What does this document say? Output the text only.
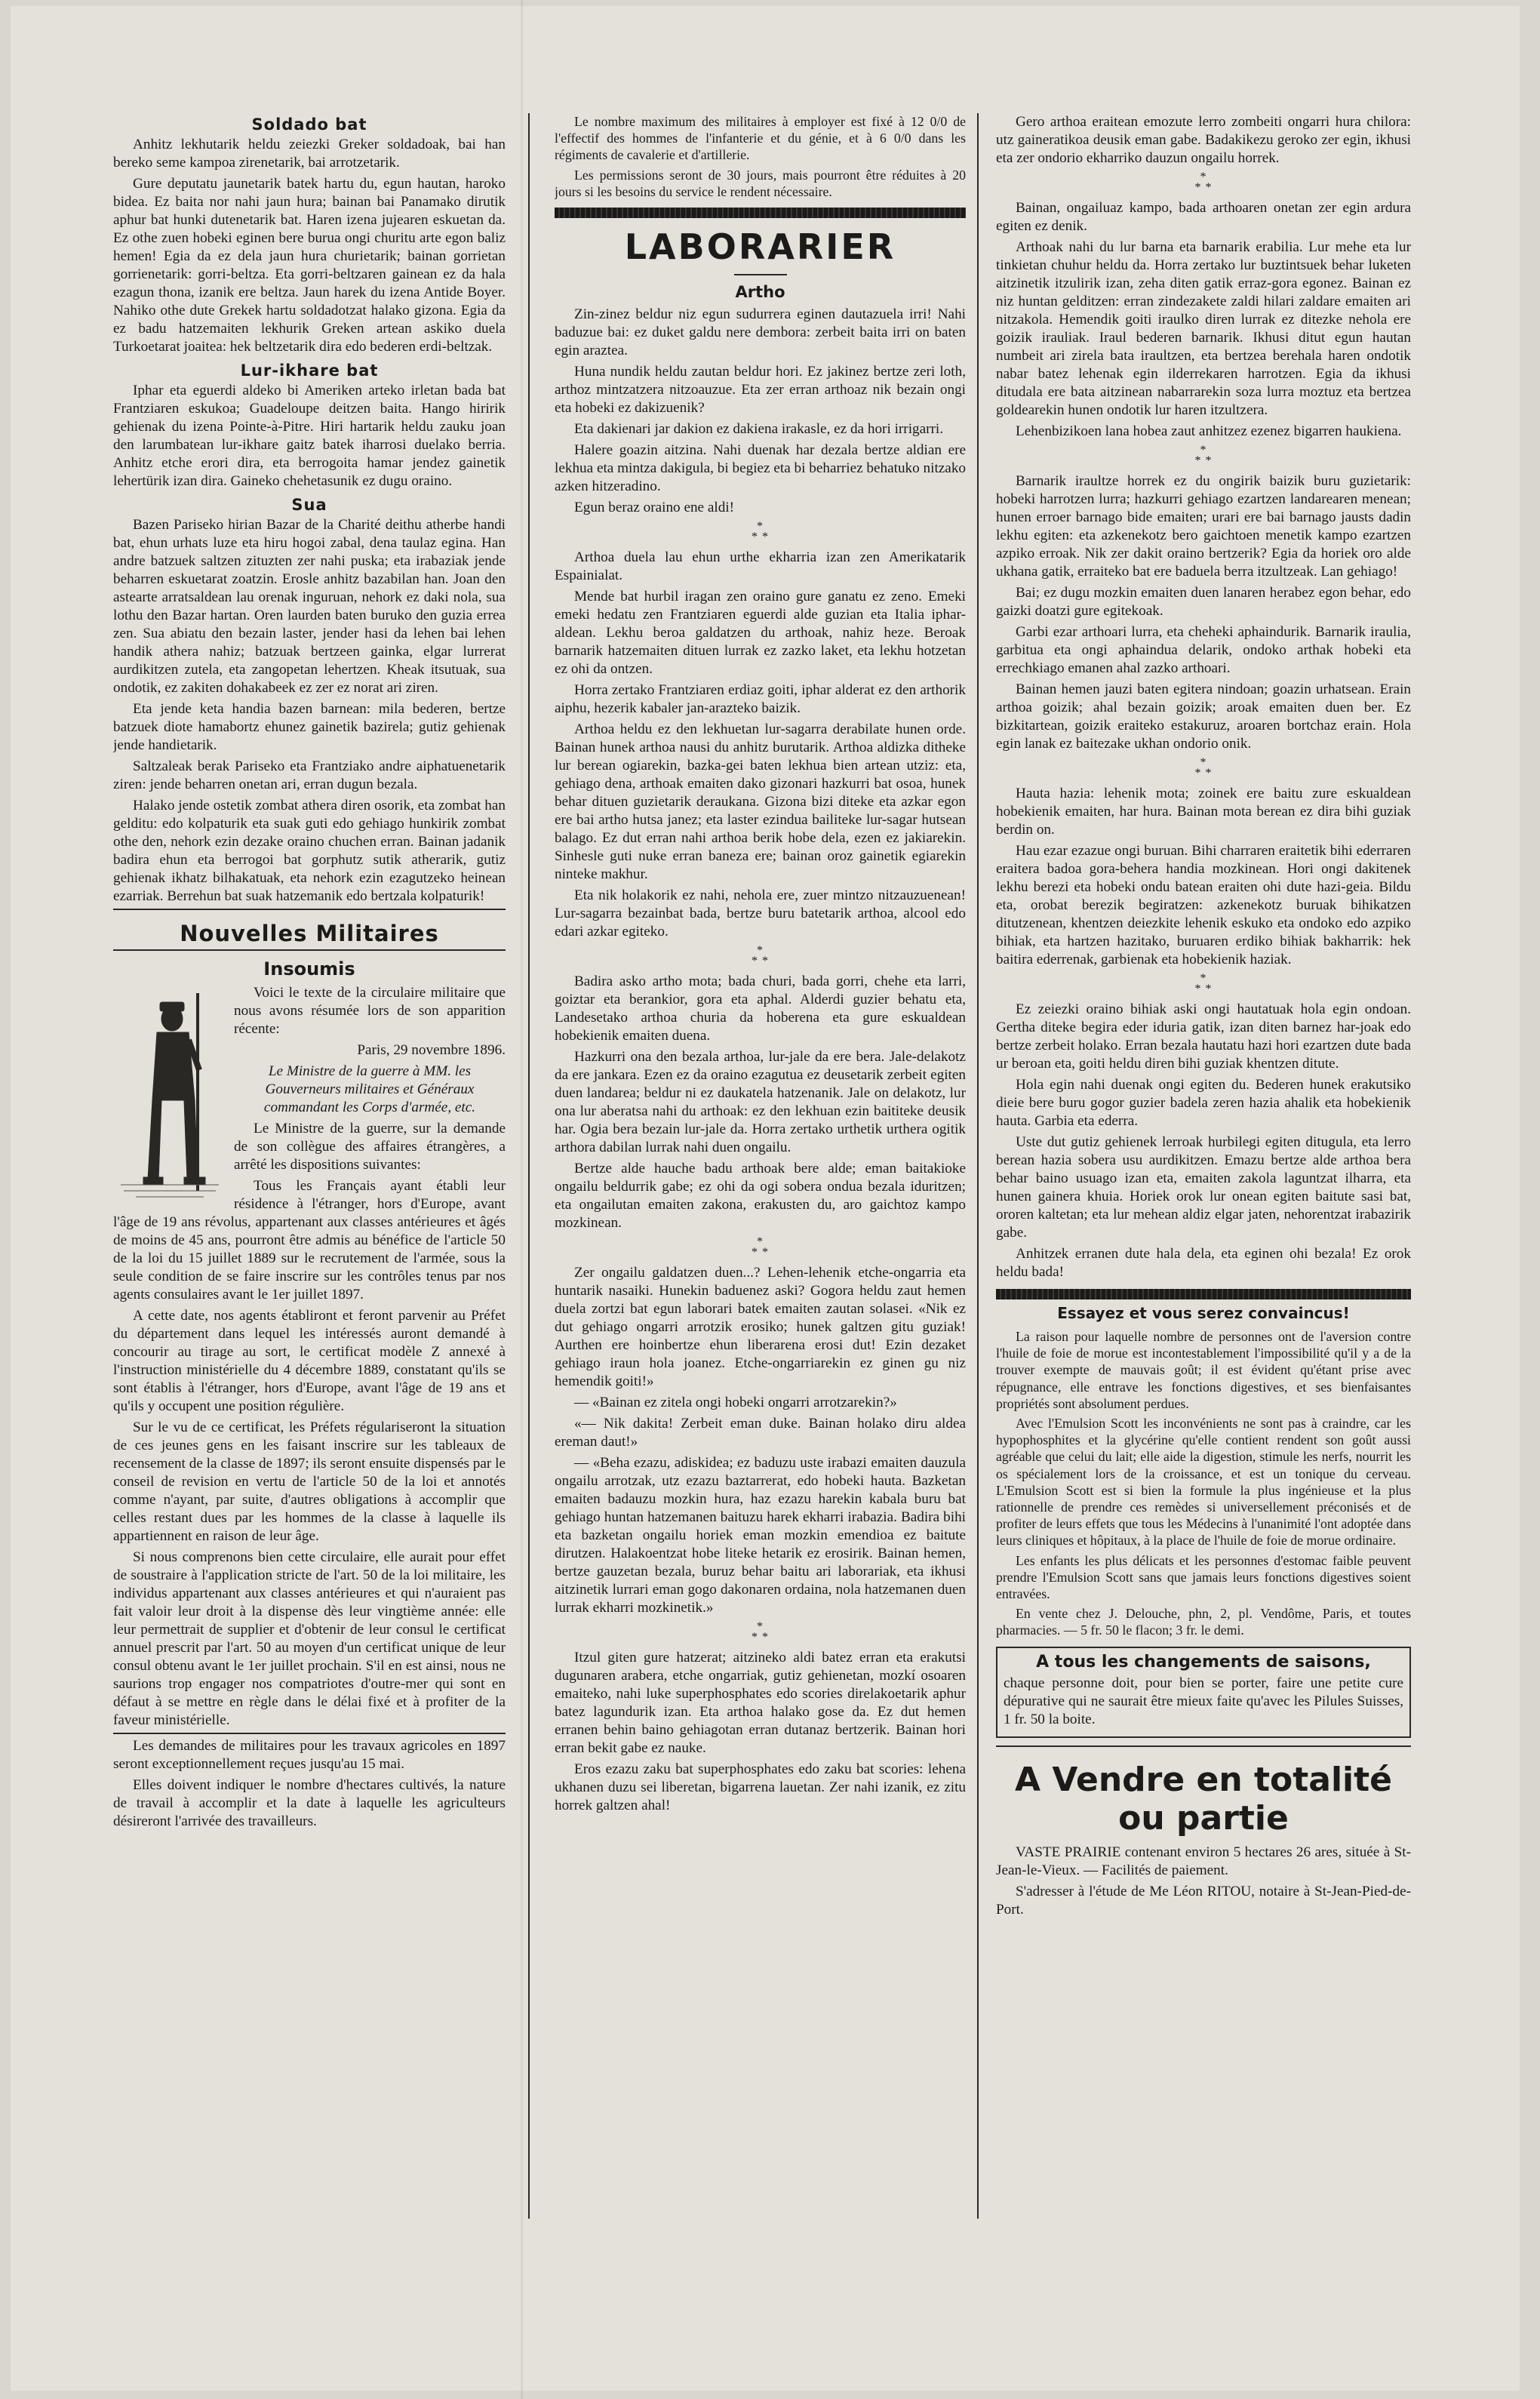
Soldado bat

Anhitz lekhutarik heldu zeiezki Greker soldadoak, bai han bereko seme kampoa zirenetarik, bai arrotzetarik.

Gure deputatu jaunetarik batek hartu du, egun hautan, haroko bidea. Ez baita nor nahi jaun hura; bainan bai Panamako dirutik aphur bat hunki dutenetarik bat. Haren izena jujearen eskuetan da. Ez othe zuen hobeki eginen bere burua ongi churitu arte egon baliz hemen! Egia da ez dela jaun hura churietarik; bainan gorrietan gorrienetarik: gorri-beltza. Eta gorri-beltzaren gainean ez da hala ezagun thona, izanik ere beltza. Jaun harek du izena Antide Boyer. Nahiko othe dute Grekek hartu soldadotzat halako gizona. Egia da ez badu hatzemaiten lekhurik Greken artean askiko duela Turkoetarat joaitea: hek beltzetarik dira edo bederen erdi-beltzak.

Lur-ikhare bat

Iphar eta eguerdi aldeko bi Ameriken arteko irletan bada bat Frantziaren eskukoa; Guadeloupe deitzen baita. Hango hiririk gehienak du izena Pointe-à-Pitre. Hiri hartarik heldu zauku joan den larumbatean lur-ikhare gaitz batek iharrosi duelako berria. Anhitz etche erori dira, eta berrogoita hamar jendez gainetik lehertürik izan dira. Gaineko chehetasunik ez dugu oraino.

Sua

Bazen Pariseko hirian Bazar de la Charité deithu atherbe handi bat, ehun urhats luze eta hiru hogoi zabal, dena taulaz egina. Han andre batzuek saltzen zituzten zer nahi puska; eta irabaziak jende beharren eskuetarat zoatzin. Erosle anhitz bazabilan han. Joan den astearte arratsaldean lau orenak inguruan, nehork ez daki nola, sua lothu den Bazar hartan. Oren laurden baten buruko den guzia errea zen. Sua abiatu den bezain laster, jender hasi da lehen bai lehen handik athera nahiz; batzuak bertzeen gainka, elgar lurrerat aurdikitzen zutela, eta zangopetan lehertzen. Kheak itsutuak, sua ondotik, ez zakiten dohakabeek ez zer ez norat ari ziren.

Eta jende keta handia bazen barnean: mila bederen, bertze batzuek diote hamabortz ehunez gainetik bazirela; gutiz gehienak jende handietarik.

Saltzaleak berak Pariseko eta Frantziako andre aiphatuenetarik ziren: jende beharren onetan ari, erran dugun bezala.

Halako jende ostetik zombat athera diren osorik, eta zombat han gelditu: edo kolpaturik eta suak guti edo gehiago hunkirik zombat othe den, nehork ezin dezake oraino chuchen erran. Bainan jadanik badira ehun eta berrogoi bat gorphutz sutik atherarik, gutiz gehienak ikhatz bilhakatuak, eta nehork ezin ezagutzeko heinean ezarriak. Berrehun bat suak hatzemanik edo bertzala kolpaturik!

Nouvelles Militaires
Insoumis

Voici le texte de la circulaire militaire que nous avons résumée lors de son apparition récente:

Paris, 29 novembre 1896.

Le Ministre de la guerre à MM. les Gouverneurs militaires et Généraux commandant les Corps d'armée, etc.

Le Ministre de la guerre, sur la demande de son collègue des affaires étrangères, a arrêté les dispositions suivantes:

Tous les Français ayant établi leur résidence à l'étranger, hors d'Europe, avant l'âge de 19 ans révolus, appartenant aux classes antérieures et âgés de moins de 45 ans, pourront être admis au bénéfice de l'article 50 de la loi du 15 juillet 1889 sur le recrutement de l'armée, sous la seule condition de se faire inscrire sur les contrôles tenus par nos agents consulaires avant le 1er juillet 1897.

A cette date, nos agents établiront et feront parvenir au Préfet du département dans lequel les intéressés auront demandé à concourir au tirage au sort, le certificat modèle Z annexé à l'instruction ministérielle du 4 décembre 1889, constatant qu'ils se sont établis à l'étranger, hors d'Europe, avant l'âge de 19 ans et qu'ils y occupent une position régulière.

Sur le vu de ce certificat, les Préfets régulariseront la situation de ces jeunes gens en les faisant inscrire sur les tableaux de recensement de la classe de 1897; ils seront ensuite dispensés par le conseil de revision en vertu de l'article 50 de la loi et annotés comme n'ayant, par suite, d'autres obligations à accomplir que celles restant dues par les hommes de la classe à laquelle ils appartiennent en raison de leur âge.

Si nous comprenons bien cette circulaire, elle aurait pour effet de soustraire à l'application stricte de l'art. 50 de la loi militaire, les individus appartenant aux classes antérieures et qui n'auraient pas fait valoir leur droit à la dispense dès leur vingtième année: elle leur permettrait de supplier et d'obtenir de leur consul le certificat annuel prescrit par l'art. 50 au moyen d'un certificat unique de leur consul obtenu avant le 1er juillet prochain. S'il en est ainsi, nous ne saurions trop engager nos compatriotes d'outre-mer qui sont en défaut à se mettre en règle dans le délai fixé et à profiter de la faveur ministérielle.

Les demandes de militaires pour les travaux agricoles en 1897 seront exceptionnellement reçues jusqu'au 15 mai.

Elles doivent indiquer le nombre d'hectares cultivés, la nature de travail à accomplir et la date à laquelle les agriculteurs désireront l'arrivée des travailleurs.

Le nombre maximum des militaires à employer est fixé à 12 0/0 de l'effectif des hommes de l'infanterie et du génie, et à 6 0/0 dans les régiments de cavalerie et d'artillerie.

Les permissions seront de 30 jours, mais pourront être réduites à 20 jours si les besoins du service le rendent nécessaire.

LABORARIER
Artho

Zin-zinez beldur niz egun sudurrera eginen dautazuela irri! Nahi baduzue bai: ez duket galdu nere dembora: zerbeit baita irri on baten egin araztea.

Huna nundik heldu zautan beldur hori. Ez jakinez bertze zeri loth, arthoz mintzatzera nitzoauzue. Eta zer erran arthoaz nik bezain ongi eta hobeki ez dakizuenik?

Eta dakienari jar dakion ez dakiena irakasle, ez da hori irrigarri.

Halere goazin aitzina. Nahi duenak har dezala bertze aldian ere lekhua eta mintza dakigula, bi begiez eta bi beharriez behatuko nitzako azken hitzeradino.

Egun beraz oraino ene aldi!

*
* *

Arthoa duela lau ehun urthe ekharria izan zen Amerikatarik Espainialat.

Mende bat hurbil iragan zen oraino gure ganatu ez zeno. Emeki emeki hedatu zen Frantziaren eguerdi alde guzian eta Italia iphar-aldean. Lekhu beroa galdatzen du arthoak, nahiz heze. Beroak barnarik hatzemaiten dituen lurrak ez zazko laket, eta lekhu hotzetan ez ohi da ontzen.

Horra zertako Frantziaren erdiaz goiti, iphar alderat ez den arthorik aiphu, hezerik kabaler jan-arazteko baizik.

Arthoa heldu ez den lekhuetan lur-sagarra derabilate hunen orde. Bainan hunek arthoa nausi du anhitz burutarik. Arthoa aldizka ditheke lur berean ogiarekin, bazka-gei baten lekhua bien artean utziz: eta, gehiago dena, arthoak emaiten dako gizonari hazkurri bat osoa, hunek behar dituen guzietarik deraukana. Gizona bizi diteke eta azkar egon ere bai artho hutsa janez; eta laster ezindua bailiteke lur-sagar hutsean balago. Ez dut erran nahi arthoa berik hobe dela, ezen ez jakiarekin. Sinhesle guti nuke erran baneza ere; bainan oroz gainetik egiarekin ninteke makhur.

Eta nik holakorik ez nahi, nehola ere, zuer mintzo nitzauzuenean! Lur-sagarra bezainbat bada, bertze buru batetarik arthoa, alcool edo edari azkar egiteko.

*
* *

Badira asko artho mota; bada churi, bada gorri, chehe eta larri, goiztar eta berankior, gora eta aphal. Alderdi guzier behatu eta, Landesetako arthoa churia da hoberena eta gure eskualdean hobekienik emaiten duena.

Hazkurri ona den bezala arthoa, lur-jale da ere bera. Jale-delakotz da ere jankara. Ezen ez da oraino ezagutua ez deusetarik zerbeit egiten duen landarea; beldur ni ez daukatela hatzenanik. Jale on delakotz, lur ona lur aberatsa nahi du arthoak: ez den lekhuan ezin baititeke deusik har. Ogia bera bezain lur-jale da. Horra zertako urthetik urthera ogitik arthora dabilan lurrak nahi duen ongailu.

Bertze alde hauche badu arthoak bere alde; eman baitakioke ongailu beldurrik gabe; ez ohi da ogi sobera ondua bezala iduritzen; eta ongailutan emaiten zakona, erakusten du, aro gaichtoz kampo mozkinean.

*
* *

Zer ongailu galdatzen duen...? Lehen-lehenik etche-ongarria eta huntarik nasaiki. Hunekin baduenez aski? Gogora heldu zaut hemen duela zortzi bat egun laborari batek emaiten zautan solasei. «Nik ez dut gehiago ongarri arrotzik erosiko; hunek galtzen gitu guziak! Aurthen ere hoinbertze ehun liberarena erosi dut! Ezin dezaket gehiago iraun hola joanez. Etche-ongarriarekin ez ginen gu niz hemendik goiti!»

— «Bainan ez zitela ongi hobeki ongarri arrotzarekin?»

«— Nik dakita! Zerbeit eman duke. Bainan holako diru aldea ereman daut!»

— «Beha ezazu, adiskidea; ez baduzu uste irabazi emaiten dauzula ongailu arrotzak, utz ezazu baztarrerat, edo hobeki hauta. Bazketan emaiten badauzu mozkin hura, haz ezazu harekin kabala buru bat gehiago huntan hatzemanen baituzu harek ekharri irabazia. Badira bihi eta bazketan ongailu horiek eman mozkin emendioa ez baitute dirutzen. Halakoentzat hobe liteke hetarik ez erosirik. Bainan hemen, bertze gauzetan bezala, buruz behar baitu ari laborariak, eta ikhusi aitzinetik lurrari eman gogo dakonaren ordaina, nola hatzemanen duen lurrak ekharri mozkinetik.»

*
* *

Itzul giten gure hatzerat; aitzineko aldi batez erran eta erakutsi dugunaren arabera, etche ongarriak, gutiz gehienetan, mozkí osoaren emaiteko, nahi luke superphosphates edo scories direlakoetarik aphur batez lagundurik izan. Eta arthoa halako gose da. Ez dut hemen erranen behin baino gehiagotan erran dutanaz bertzerik. Bainan hori erran bekit gabe ez nauke.

Eros ezazu zaku bat superphosphates edo zaku bat scories: lehena ukhanen duzu sei liberetan, bigarrena lauetan. Zer nahi izanik, ez zitu horrek galtzen ahal!

Gero arthoa eraitean emozute lerro zombeiti ongarri hura chilora: utz gaineratikoa deusik eman gabe. Badakikezu geroko zer egin, ikhusi eta zer ondorio ekharriko dauzun ongailu horrek.

*
* *

Bainan, ongailuaz kampo, bada arthoaren onetan zer egin ardura egiten ez denik.

Arthoak nahi du lur barna eta barnarik erabilia. Lur mehe eta lur tinkietan chuhur heldu da. Horra zertako lur buztintsuek behar luketen aitzinetik itzulirik izan, zeha diten gatik erraz-gora egonez. Bainan ez niz huntan gelditzen: erran zindezakete zaldi hilari zaldare emaiten ari nitzakola. Hemendik goiti iraulko diren lurrak ez ditezke nehola ere goizik irauliak. Iraul bederen barnarik. Ikhusi ditut egun hautan numbeit ari zirela bata iraultzen, eta bertzea berehala haren ondotik nabar batez lehenak egin ilderrekaren harrotzen. Egia da ikhusi ditudala ere bata aitzinean nabarrarekin soza lurra moztuz eta bertzea goldearekin hunen ondotik lur haren itzultzera.

Lehenbizikoen lana hobea zaut anhitzez ezenez bigarren haukiena.

*
* *

Barnarik iraultze horrek ez du ongirik baizik buru guzietarik: hobeki harrotzen lurra; hazkurri gehiago ezartzen landarearen menean; hunen erroer barnago bide emaiten; urari ere bai barnago jausts dadin lekhu egiten: eta azkenekotz bero gaichtoen menetik kampo ezartzen azpiko erroak. Nik zer dakit oraino bertzerik? Egia da horiek oro alde ukhana gatik, erraiteko bat ere baduela berra itzultzeak. Lan gehiago!

Bai; ez dugu mozkin emaiten duen lanaren herabez egon behar, edo gaizki doatzi gure egitekoak.

Garbi ezar arthoari lurra, eta cheheki aphaindurik. Barnarik iraulia, garbitua eta ongi aphaindua delarik, ondoko arthak hobeki eta errechkiago emanen ahal zazko arthoari.

Bainan hemen jauzi baten egitera nindoan; goazin urhatsean. Erain arthoa goizik; ahal bezain goizik; aroak emaiten duen ber. Ez bizkitartean, goizik eraiteko estakuruz, aroaren bortchaz erain. Hola egin lanak ez baitezake ukhan ondorio onik.

*
* *

Hauta hazia: lehenik mota; zoinek ere baitu zure eskualdean hobekienik emaiten, har hura. Bainan mota berean ez dira bihi guziak berdin on.

Hau ezar ezazue ongi buruan. Bihi charraren eraitetik bihi ederraren eraitera badoa gora-behera handia mozkinean. Hori ongi dakitenek lekhu berezi eta hobeki ondu batean eraiten ohi dute hazi-geia. Bildu eta, orobat berezik begiratzen: azkenekotz buruak bihikatzen ditutzenean, khentzen deiezkite lehenik eskuko eta ondoko edo azpiko bihiak, eta hartzen hazitako, buruaren erdiko bihiak bakharrik: hek baitira ederrenak, garbienak eta hobekienik haziak.

*
* *

Ez zeiezki oraino bihiak aski ongi hautatuak hola egin ondoan. Gertha diteke begira eder iduria gatik, izan diten barnez har-joak edo bertze zerbeit holako. Erran bezala hautatu hazi hori ezartzen dute bada ur beroan eta, goiti heldu diren bihi guziak khentzen ditute.

Hola egin nahi duenak ongi egiten du. Bederen hunek erakutsiko dieie bere buru gogor guzier badela zeren hazia ahalik eta hobekienik hauta. Garbia eta ederra.

Uste dut gutiz gehienek lerroak hurbilegi egiten ditugula, eta lerro berean hazia sobera usu aurdikitzen. Emazu bertze alde arthoa bera behar baino usuago izan eta, emaiten zakola laguntzat ilharra, eta hunen gainera khuia. Horiek orok lur onean egiten baitute sasi bat, ororen kaltetan; eta lur mehean aldiz elgar jaten, nehorentzat irabazirik gabe.

Anhitzek erranen dute hala dela, eta eginen ohi bezala! Ez orok heldu bada!

Essayez et vous serez convaincus!

La raison pour laquelle nombre de personnes ont de l'aversion contre l'huile de foie de morue est incontestablement l'impossibilité qu'il y a de la trouver exempte de mauvais goût; il est évident qu'étant prise avec répugnance, elle entrave les fonctions digestives, et ses bienfaisantes propriétés sont absolument perdues.

Avec l'Emulsion Scott les inconvénients ne sont pas à craindre, car les hypophosphites et la glycérine qu'elle contient rendent son goût aussi agréable que celui du lait; elle aide la digestion, stimule les nerfs, nourrit les os spécialement lors de la croissance, et est un tonique du cerveau. L'Emulsion Scott est si bien la formule la plus ingénieuse et la plus rationnelle de prendre ces remèdes si universellement préconisés et de profiter de leurs effets que tous les Médecins à l'unanimité l'ont adoptée dans leurs cliniques et hôpitaux, à la place de l'huile de foie de morue ordinaire.

Les enfants les plus délicats et les personnes d'estomac faible peuvent prendre l'Emulsion Scott sans que jamais leurs fonctions digestives soient entravées.

En vente chez J. Delouche, phn, 2, pl. Vendôme, Paris, et toutes pharmacies. — 5 fr. 50 le flacon; 3 fr. le demi.

A tous les changements de saisons,

chaque personne doit, pour bien se porter, faire une petite cure dépurative qui ne saurait être mieux faite qu'avec les Pilules Suisses, 1 fr. 50 la boite.

A Vendre en totalité ou partie

VASTE PRAIRIE contenant environ 5 hectares 26 ares, située à St-Jean-le-Vieux. — Facilités de paiement.

S'adresser à l'étude de Me Léon RITOU, notaire à St-Jean-Pied-de-Port.
